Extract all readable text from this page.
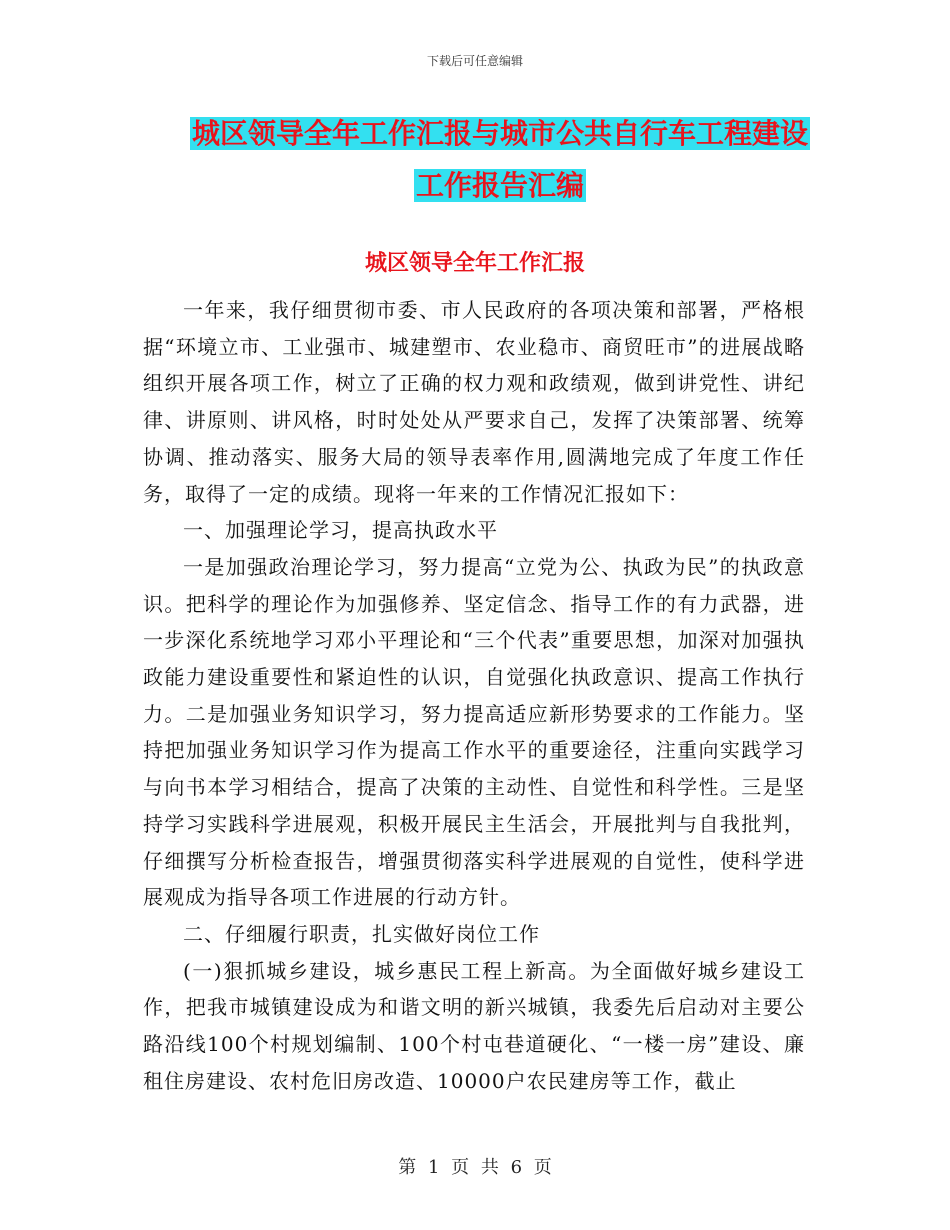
下载后可任意编辑
城区领导全年工作汇报与城市公共自行车工程建设工作报告汇编
城区领导全年工作汇报

一年来，我仔细贯彻市委、市人民政府的各项决策和部署，严格根据“环境立市、工业强市、城建塑市、农业稳市、商贸旺市”的进展战略组织开展各项工作，树立了正确的权力观和政绩观，做到讲党性、讲纪律、讲原则、讲风格，时时处处从严要求自己，发挥了决策部署、统筹协调、推动落实、服务大局的领导表率作用,圆满地完成了年度工作任务，取得了一定的成绩。现将一年来的工作情况汇报如下：

一、加强理论学习，提高执政水平

一是加强政治理论学习，努力提高“立党为公、执政为民”的执政意识。把科学的理论作为加强修养、坚定信念、指导工作的有力武器，进一步深化系统地学习邓小平理论和“三个代表”重要思想，加深对加强执政能力建设重要性和紧迫性的认识，自觉强化执政意识、提高工作执行力。二是加强业务知识学习，努力提高适应新形势要求的工作能力。坚持把加强业务知识学习作为提高工作水平的重要途径，注重向实践学习与向书本学习相结合，提高了决策的主动性、自觉性和科学性。三是坚持学习实践科学进展观，积极开展民主生活会，开展批判与自我批判，仔细撰写分析检查报告，增强贯彻落实科学进展观的自觉性，使科学进展观成为指导各项工作进展的行动方针。

二、仔细履行职责，扎实做好岗位工作

(一)狠抓城乡建设，城乡惠民工程上新高。为全面做好城乡建设工作，把我市城镇建设成为和谐文明的新兴城镇，我委先后启动对主要公路沿线100个村规划编制、100个村屯巷道硬化、“一楼一房”建设、廉租住房建设、农村危旧房改造、10000户农民建房等工作，截止

第 1 页 共 6 页
